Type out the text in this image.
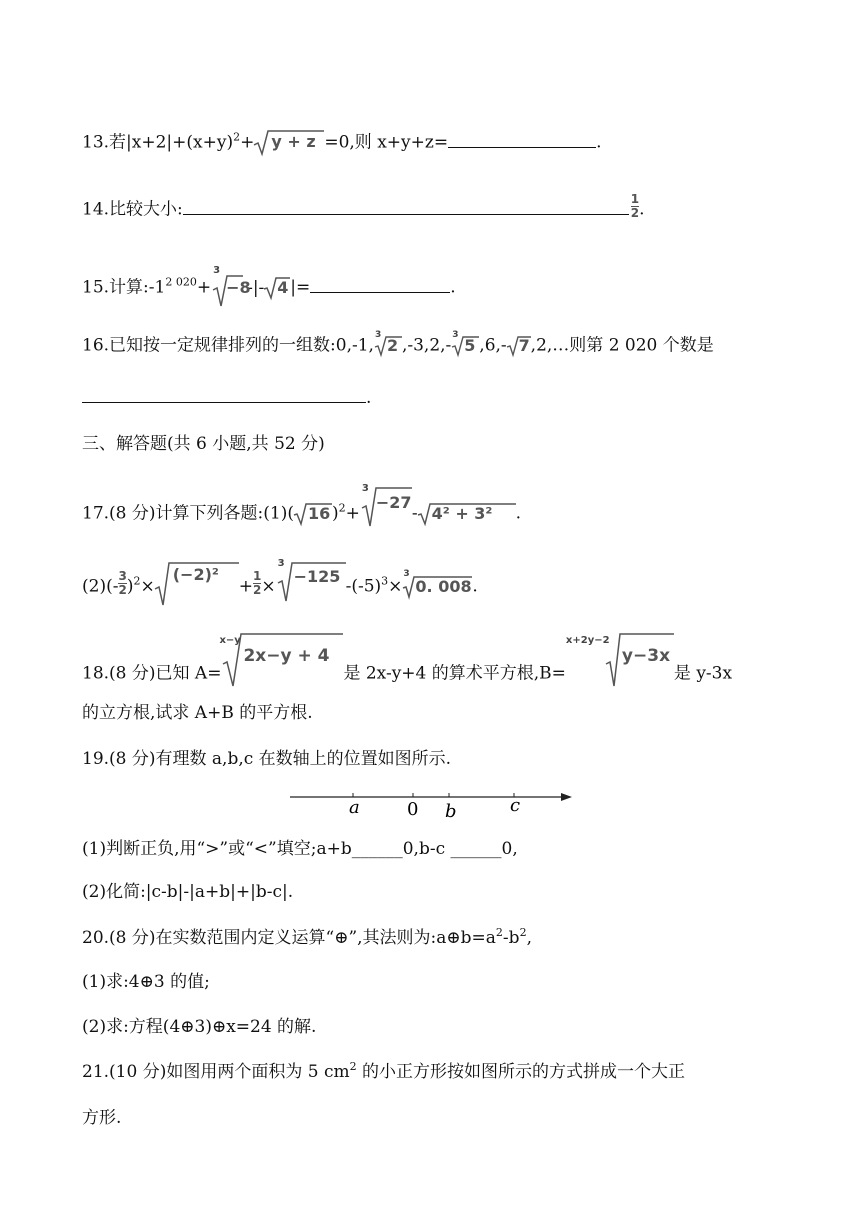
13.若$|x+2|+(x+y)^2+ y + z =0$,则 x+y+z=	.
14.比较大小:	$\frac{1}{2}$ .
15.计算$:-1^{2 020}+$
3
−8
-|- 4 |=	.
16.已知按一定规律排列的一组数:0,-1,
3
2 ,-3,2,-
3
5 ,6,- 7 ,2,…则第 2 020 个数是
.
三、解答题(共 6 小题,共 52 分)
17.(8 分)计算下列各题:(1)( 16 )$^2$+
3
−27
- 4² + 3² .
$(2)(- \frac{3}{2} )^2\times$
(−2)²
+ $\frac{1}{2}$ ×
3
−125 $-(-5)^3\times$
3
0. 008 .
18.(8 分)已知 A=
x−y
2x−y + 4
是 2x-y+4 的算术平方根,B=
x+2y−2
y−3x
是 y-3x
的立方根,试求 A+B 的平方根.
19.(8 分)有理数 a,b,c 在数轴上的位置如图所示.
a	0 b	c
(1)判断正负,用“>”或“<”填空;a+b______0,b-c ______0,
(2)化简:|c-b|-|a+b|+|b-c|.
20.(8 分)在实数范围内定义运算“⊕”,其法则为$:a\oplus b=a^2-b^2$,
(1)求:4⊕3 的值;
(2)求:方程(4⊕3)⊕x=24 的解.
21.(10 分)如图用两个面积为 5 $cm^2$ 的小正方形按如图所示的方式拼成一个大正
方形.
